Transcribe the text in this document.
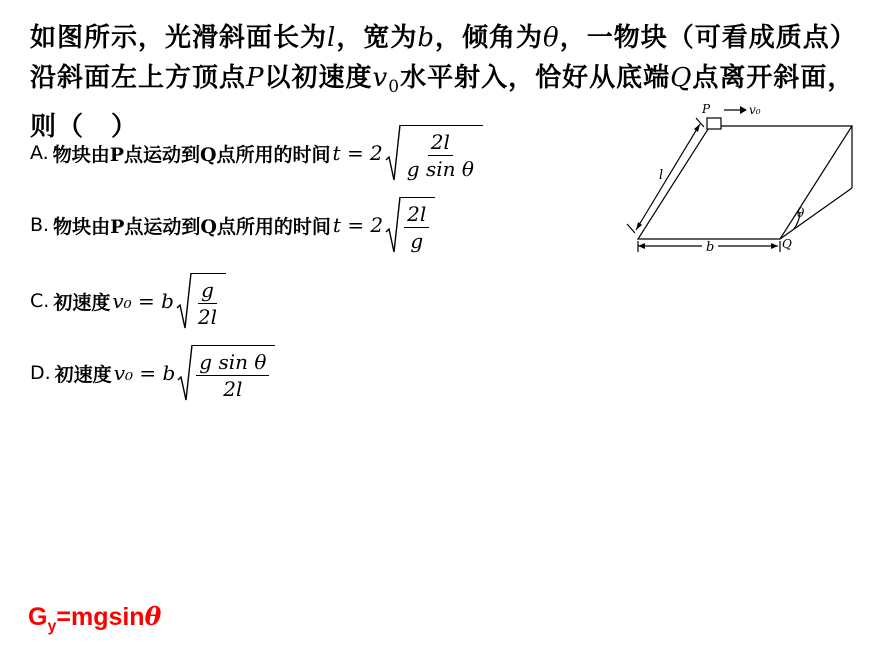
如图所示，光滑斜面长为l，宽为b，倾角为θ，一物块（可看成质点）沿斜面左上方顶点P以初速度$v_0$水平射入，恰好从底端Q点离开斜面，则（　）
A. 物块由P点运动到Q点所用的时间 $t = 2 \frac{2l}{\text{g sin θ}}$
B. 物块由P点运动到Q点所用的时间 $t = 2 \frac{2l}{g}$
C. 初速度 v₀ = b $\frac{g}{2l}$
D. 初速度 v₀ = b $\frac{\text{g sin θ}}{2l}$
P	v₀
l
b
θ
Q
$G_y=mgsin\theta$
